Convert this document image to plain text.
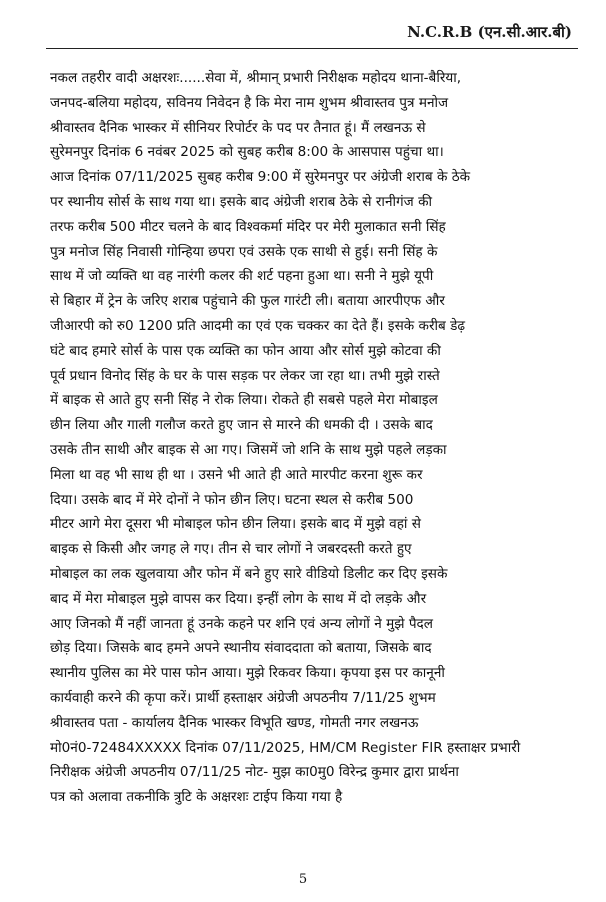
N.C.R.B (एन.सी.आर.बी)
नकल तहरीर वादी अक्षरशः......सेवा में, श्रीमान् प्रभारी निरीक्षक महोदय थाना-बैरिया,
जनपद-बलिया महोदय, सविनय निवेदन है कि मेरा नाम शुभम श्रीवास्तव पुत्र मनोज
श्रीवास्तव दैनिक भास्कर में सीनियर रिपोर्टर के पद पर तैनात हूं। मैं लखनऊ से
सुरेमनपुर दिनांक 6 नवंबर 2025 को सुबह करीब 8:00 के आसपास पहुंचा था।
आज दिनांक 07/11/2025 सुबह करीब 9:00 में सुरेमनपुर पर अंग्रेजी शराब के ठेके
पर स्थानीय सोर्स के साथ गया था। इसके बाद अंग्रेजी शराब ठेके से रानीगंज की
तरफ करीब 500 मीटर चलने के बाद विश्वकर्मा मंदिर पर मेरी मुलाकात सनी सिंह
पुत्र मनोज सिंह निवासी गोन्हिया छपरा एवं उसके एक साथी से हुई। सनी सिंह के
साथ में जो व्यक्ति था वह नारंगी कलर की शर्ट पहना हुआ था। सनी ने मुझे यूपी
से बिहार में ट्रेन के जरिए शराब पहुंचाने की फुल गारंटी ली। बताया आरपीएफ और
जीआरपी को रु0 1200 प्रति आदमी का एवं एक चक्कर का देते हैं। इसके करीब डेढ़
घंटे बाद हमारे सोर्स के पास एक व्यक्ति का फोन आया और सोर्स मुझे कोटवा की
पूर्व प्रधान विनोद सिंह के घर के पास सड़क पर लेकर जा रहा था। तभी मुझे रास्ते
में बाइक से आते हुए सनी सिंह ने रोक लिया। रोकते ही सबसे पहले मेरा मोबाइल
छीन लिया और गाली गलौज करते हुए जान से मारने की धमकी दी । उसके बाद
उसके तीन साथी और बाइक से आ गए। जिसमें जो शनि के साथ मुझे पहले लड़का
मिला था वह भी साथ ही था । उसने भी आते ही आते मारपीट करना शुरू कर
दिया। उसके बाद में मेरे दोनों ने फोन छीन लिए। घटना स्थल से करीब 500
मीटर आगे मेरा दूसरा भी मोबाइल फोन छीन लिया। इसके बाद में मुझे वहां से
बाइक से किसी और जगह ले गए। तीन से चार लोगों ने जबरदस्ती करते हुए
मोबाइल का लक खुलवाया और फोन में बने हुए सारे वीडियो डिलीट कर दिए इसके
बाद में मेरा मोबाइल मुझे वापस कर दिया। इन्हीं लोग के साथ में दो लड़के और
आए जिनको मैं नहीं जानता हूं उनके कहने पर शनि एवं अन्य लोगों ने मुझे पैदल
छोड़ दिया। जिसके बाद हमने अपने स्थानीय संवाददाता को बताया, जिसके बाद
स्थानीय पुलिस का मेरे पास फोन आया। मुझे रिकवर किया। कृपया इस पर कानूनी
कार्यवाही करने की कृपा करें। प्रार्थी हस्ताक्षर अंग्रेजी अपठनीय 7/11/25 शुभम
श्रीवास्तव पता - कार्यालय दैनिक भास्कर विभूति खण्ड, गोमती नगर लखनऊ
मो0नं0-72484XXXXX दिनांक 07/11/2025, HM/CM Register FIR हस्ताक्षर प्रभारी
निरीक्षक अंग्रेजी अपठनीय 07/11/25 नोट- मुझ का0मु0 विरेन्द्र कुमार द्वारा प्रार्थना
पत्र को अलावा तकनीकि त्रुटि के अक्षरशः टाईप किया गया है
5
